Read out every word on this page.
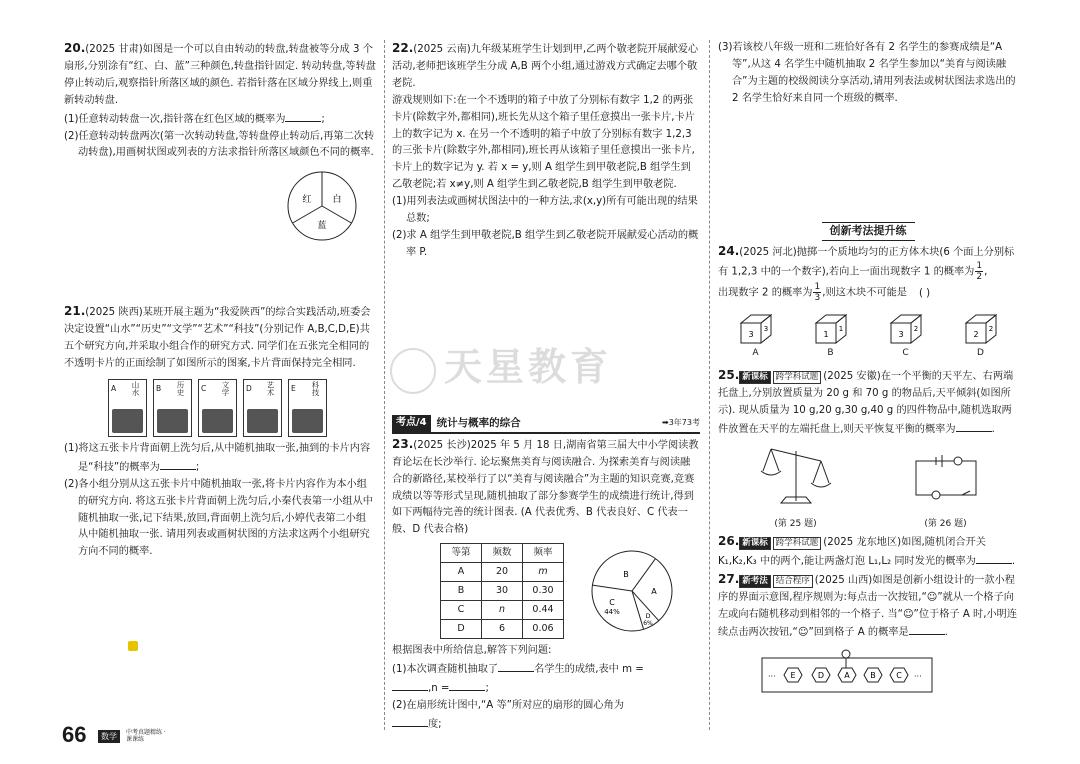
天星教育

20.(2025 甘肃)如图是一个可以自由转动的转盘,转盘被等分成 3 个扇形,分别涂有“红、白、蓝”三种颜色,转盘指针固定. 转动转盘,等转盘停止转动后,观察指针所落区域的颜色. 若指针落在区域分界线上,则重新转动转盘.

(1)任意转动转盘一次,指针落在红色区域的概率为	;

(2)任意转动转盘两次(第一次转动转盘,等转盘停止转动后,再第二次转动转盘),用画树状图或列表的方法求指针所落区域颜色不同的概率.

红 白
蓝

21.(2025 陕西)某班开展主题为“我爱陕西”的综合实践活动,班委会决定设置“山水”“历史”“文学”“艺术”“科技”(分别记作 A,B,C,D,E)共五个研究方向,并采取小组合作的研究方式. 同学们在五张完全相同的不透明卡片的正面绘制了如图所示的图案,卡片背面保持完全相同.

A	山水	B	历史	C	文学	D	艺术	E	科技

(1)将这五张卡片背面朝上洗匀后,从中随机抽取一张,抽到的卡片内容是“科技”的概率为	;

(2)各小组分别从这五张卡片中随机抽取一张,将卡片内容作为本小组的研究方向. 将这五张卡片背面朝上洗匀后,小秦代表第一小组从中随机抽取一张,记下结果,放回,背面朝上洗匀后,小婷代表第二小组从中随机抽取一张. 请用列表或画树状图的方法求这两个小组研究方向不同的概率.

22.(2025 云南)九年级某班学生计划到甲,乙两个敬老院开展献爱心活动,老师把该班学生分成 A,B 两个小组,通过游戏方式确定去哪个敬老院.

游戏规则如下:在一个不透明的箱子中放了分别标有数字 1,2 的两张卡片(除数字外,都相同),班长先从这个箱子里任意摸出一张卡片,卡片上的数字记为 x. 在另一个不透明的箱子中放了分别标有数字 1,2,3 的三张卡片(除数字外,都相同),班长再从该箱子里任意摸出一张卡片,卡片上的数字记为 y. 若 x = y,则 A 组学生到甲敬老院,B 组学生到乙敬老院;若 x≠y,则 A 组学生到乙敬老院,B 组学生到甲敬老院.

(1)用列表法或画树状图法中的一种方法,求(x,y)所有可能出现的结果总数;

(2)求 A 组学生到甲敬老院,B 组学生到乙敬老院开展献爱心活动的概率 P.

考点/4 统计与概率的综合	➡3年73考

23.(2025 长沙)2025 年 5 月 18 日,湖南省第三届大中小学阅读教育论坛在长沙举行. 论坛聚焦美育与阅读融合. 为探索美育与阅读融合的新路径,某校举行了以“美育与阅读融合”为主题的知识竞赛,竞赛成绩以等等形式呈现,随机抽取了部分参赛学生的成绩进行统计,得到如下两幅待完善的统计图表. (A 代表优秀、B 代表良好、C 代表一般、D 代表合格)

等第	频数	频率
A	20	m
B	30	0.30
C	n	0.44
D	6	0.06
B
A
C
44%	D
6%

根据图表中所给信息,解答下列问题:

(1)本次调查随机抽取了	名学生的成绩,表中 m =

,n =	;

(2)在扇形统计图中,“A 等”所对应的扇形的圆心角为

度;

(3)若该校八年级一班和二班恰好各有 2 名学生的参赛成绩是“A 等”,从这 4 名学生中随机抽取 2 名学生参加以“美育与阅读融合”为主题的校级阅读分享活动,请用列表法或树状图法求选出的 2 名学生恰好来自同一个班级的概率.

创新考法提升练

24.(2025 河北)抛掷一个质地均匀的正方体木块(6 个面上分别标有 1,2,3 中的一个数字),若向上一面出现数字 1 的概率为 $\frac{1}{2}$ ,

出现数字 2 的概率为 $\frac{1}{3}$ ,则这木块不可能是 ( )

3
3
A
1
1
B
3
2
C
2
2
D

25. 新课标 跨学科试题 (2025 安徽)在一个平衡的天平左、右两端托盘上,分别放置质量为 20 g 和 70 g 的物品后,天平倾斜(如图所示). 现从质量为 10 g,20 g,30 g,40 g 的四件物品中,随机选取两件放置在天平的左端托盘上,则天平恢复平衡的概率为	.

(第 25 题)	(第 26 题)

26. 新课标 跨学科试题 (2025 龙东地区)如图,随机闭合开关 K₁,K₂,K₃ 中的两个,能让两盏灯泡 L₁,L₂ 同时发光的概率为	.

27. 新考法 结合程序 (2025 山西)如图是创新小组设计的一款小程序的界面示意图,程序规则为:每点击一次按钮,“☺”就从一个格子向左或向右随机移动到相邻的一个格子. 当“☺”位于格子 A 时,小明连续点击两次按钮,“☺”回到格子 A 的概率是	.

··· E	D	A	B	C ···
66	数学	中考真题精练 · 课课练
